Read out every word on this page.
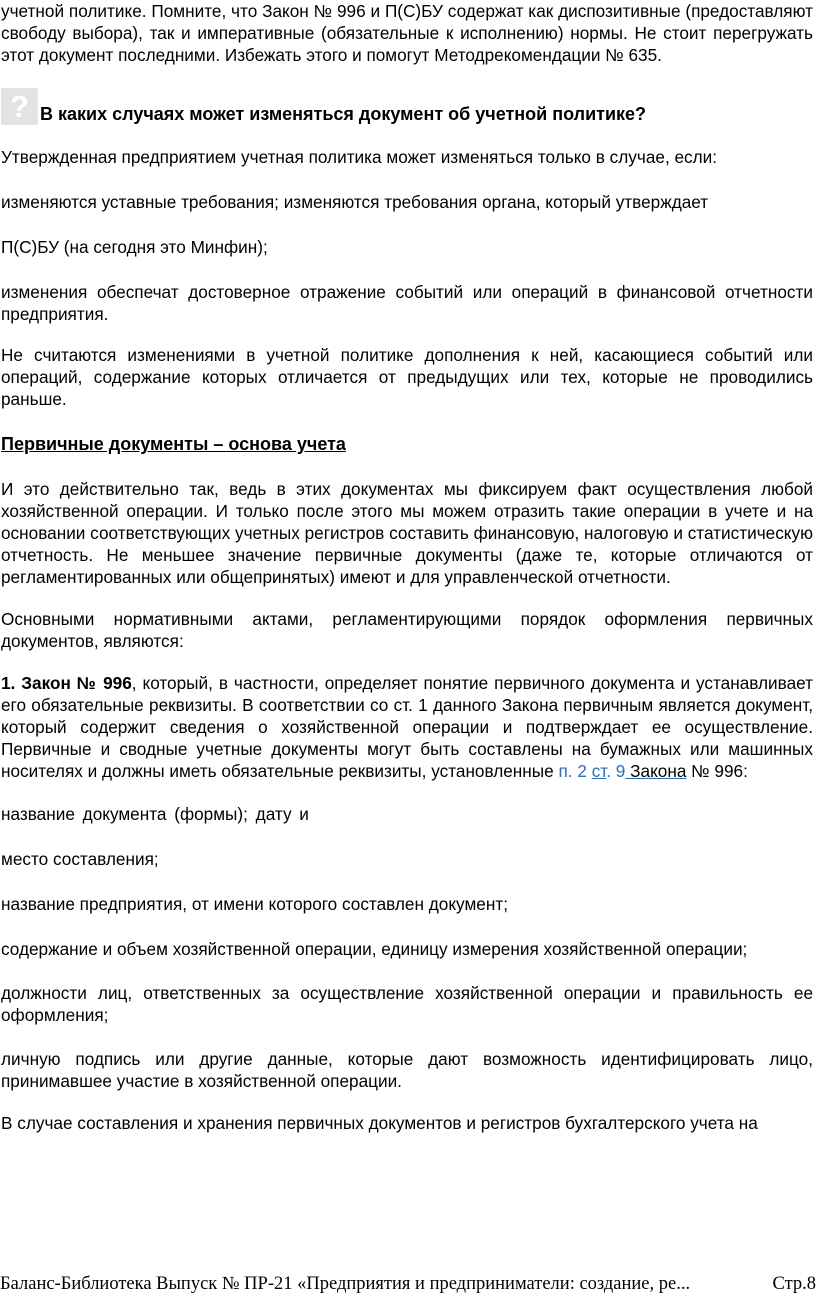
учетной политике. Помните, что Закон № 996 и П(С)БУ содержат как диспозитивные (предоставляют свободу выбора), так и императивные (обязательные к исполнению) нормы. Не стоит перегружать этот документ последними. Избежать этого и помогут Методрекомендации № 635.

? В каких случаях может изменяться документ об учетной политике?

Утвержденная предприятием учетная политика может изменяться только в случае, если:

изменяются уставные требования; изменяются требования органа, который утверждает

П(С)БУ (на сегодня это Минфин);

изменения обеспечат достоверное отражение событий или операций в финансовой отчетности предприятия.

Не считаются изменениями в учетной политике дополнения к ней, касающиеся событий или операций, содержание которых отличается от предыдущих или тех, которые не проводились раньше.

Первичные документы – основа учета

И это действительно так, ведь в этих документах мы фиксируем факт осуществления любой хозяйственной операции. И только после этого мы можем отразить такие операции в учете и на основании соответствующих учетных регистров составить финансовую, налоговую и статистическую отчетность. Не меньшее значение первичные документы (даже те, которые отличаются от регламентированных или общепринятых) имеют и для управленческой отчетности.

Основными нормативными актами, регламентирующими порядок оформления первичных документов, являются:

1. Закон № 996, который, в частности, определяет понятие первичного документа и устанавливает его обязательные реквизиты. В соответствии со ст. 1 данного Закона первичным является документ, который содержит сведения о хозяйственной операции и подтверждает ее осуществление. Первичные и сводные учетные документы могут быть составлены на бумажных или машинных носителях и должны иметь обязательные реквизиты, установленные п. 2 ст. 9 Закона № 996:

название документа (формы); дату и

место составления;

название предприятия, от имени которого составлен документ;

содержание и объем хозяйственной операции, единицу измерения хозяйственной операции;

должности лиц, ответственных за осуществление хозяйственной операции и правильность ее оформления;

личную подпись или другие данные, которые дают возможность идентифицировать лицо, принимавшее участие в хозяйственной операции.

В случае составления и хранения первичных документов и регистров бухгалтерского учета на

Баланс-Библиотека Выпуск № ПР-21 «Предприятия и предприниматели: создание, ре...	Стр.8
